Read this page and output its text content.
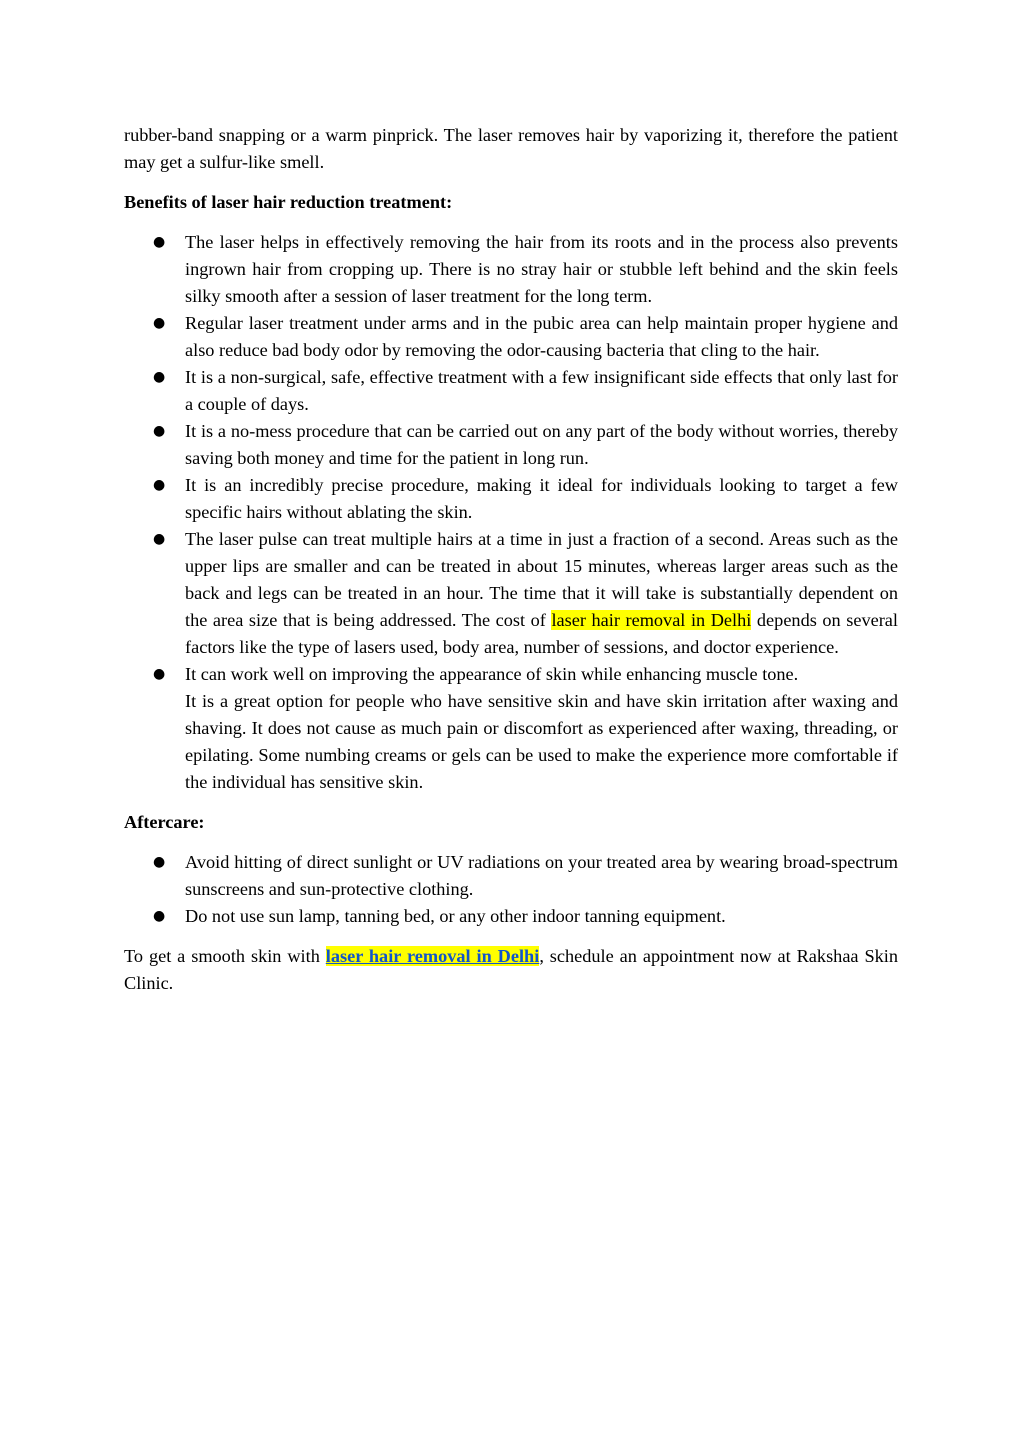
rubber-band snapping or a warm pinprick. The laser removes hair by vaporizing it, therefore the patient may get a sulfur-like smell.

Benefits of laser hair reduction treatment:

● The laser helps in effectively removing the hair from its roots and in the process also prevents ingrown hair from cropping up. There is no stray hair or stubble left behind and the skin feels silky smooth after a session of laser treatment for the long term.
● Regular laser treatment under arms and in the pubic area can help maintain proper hygiene and also reduce bad body odor by removing the odor-causing bacteria that cling to the hair.
● It is a non-surgical, safe, effective treatment with a few insignificant side effects that only last for a couple of days.
● It is a no-mess procedure that can be carried out on any part of the body without worries, thereby saving both money and time for the patient in long run.
● It is an incredibly precise procedure, making it ideal for individuals looking to target a few specific hairs without ablating the skin.
● The laser pulse can treat multiple hairs at a time in just a fraction of a second. Areas such as the upper lips are smaller and can be treated in about 15 minutes, whereas larger areas such as the back and legs can be treated in an hour. The time that it will take is substantially dependent on the area size that is being addressed. The cost of laser hair removal in Delhi depends on several factors like the type of lasers used, body area, number of sessions, and doctor experience.
● It can work well on improving the appearance of skin while enhancing muscle tone.
It is a great option for people who have sensitive skin and have skin irritation after waxing and shaving. It does not cause as much pain or discomfort as experienced after waxing, threading, or epilating. Some numbing creams or gels can be used to make the experience more comfortable if the individual has sensitive skin.

Aftercare:

● Avoid hitting of direct sunlight or UV radiations on your treated area by wearing broad-spectrum sunscreens and sun-protective clothing.
● Do not use sun lamp, tanning bed, or any other indoor tanning equipment.

To get a smooth skin with laser hair removal in Delhi, schedule an appointment now at Rakshaa Skin Clinic.
